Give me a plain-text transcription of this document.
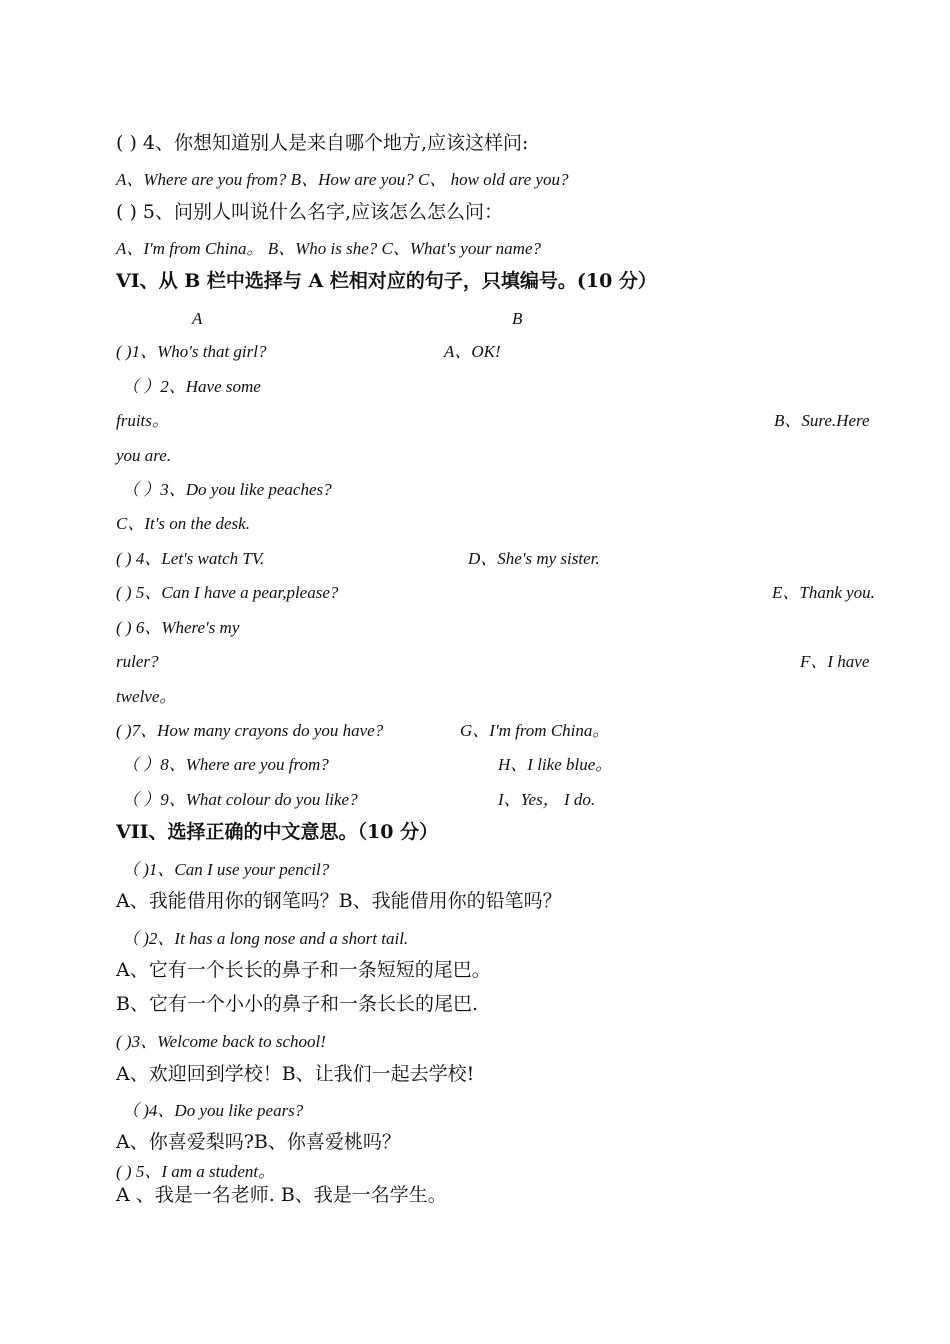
( ) 4、你想知道别人是来自哪个地方,应该这样问:
A、Where are you from? B、How are you? C、 how old are you?
( ) 5、问别人叫说什么名字,应该怎么怎么问：
A、I'm from China。 B、Who is she? C、What's your name?
VI、从 B 栏中选择与 A 栏相对应的句子，只填编号。(10 分）
A	B
( )1、Who's that girl?	A、OK!
（ ）2、Have some
fruits。	B、Sure.Here
you are.
（ ）3、Do you like peaches?
C、It's on the desk.
( ) 4、Let's watch TV.	D、She's my sister.
( ) 5、Can I have a pear,please?	E、Thank you.
( ) 6、Where's my
ruler?	F、I have
twelve。
( )7、How many crayons do you have?	G、I'm from China。
（ ）8、Where are you from?	H、I like blue。
（ ）9、What colour do you like?	I、Yes， I do.
VII、选择正确的中文意思。（10 分）
（ )1、Can I use your pencil?
A、我能借用你的钢笔吗？B、我能借用你的铅笔吗？
（ )2、It has a long nose and a short tail.
A、它有一个长长的鼻子和一条短短的尾巴。
B、它有一个小小的鼻子和一条长长的尾巴.
( )3、Welcome back to school!
A、欢迎回到学校！B、让我们一起去学校!
（ )4、Do you like pears?
A、你喜爱梨吗?B、你喜爱桃吗？
( ) 5、I am a student。
A 、我是一名老师. B、我是一名学生。
